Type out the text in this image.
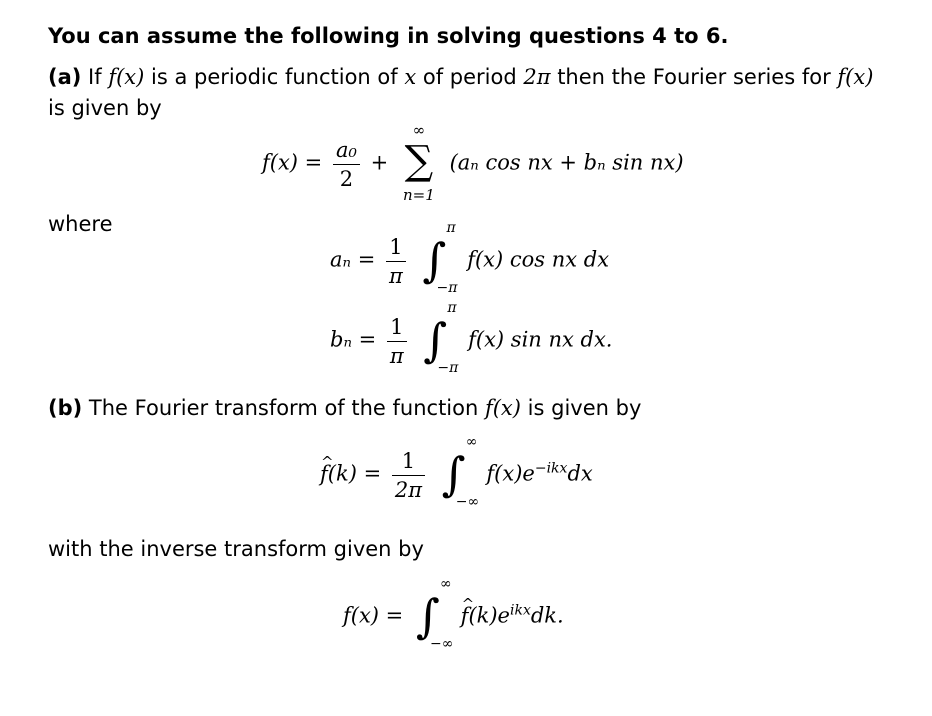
You can assume the following in solving questions 4 to 6.
(a) If f(x) is a periodic function of x of period 2π then the Fourier series for f(x)
is given by
$f(x) = \frac{\text{a₀}}{2}$ +
∞
∑
n=1
(aₙ cos nx + bₙ sin nx)
where
$a_n = \frac{1}{\pi}$
∫
π
−π
f(x) cos nx dx
$b_n = \frac{1}{\pi}$
∫
π
−π
f(x) sin nx dx.
(b) The Fourier transform of the function f(x) is given by
^ $f(k) = \frac{1}{2\pi}$
∫
∞
−∞
$f(x)e^{-ikx}dx$
with the inverse transform given by
f(x) = ∫
∞
−∞
^ $f(k)e^{ikx}dk$.
